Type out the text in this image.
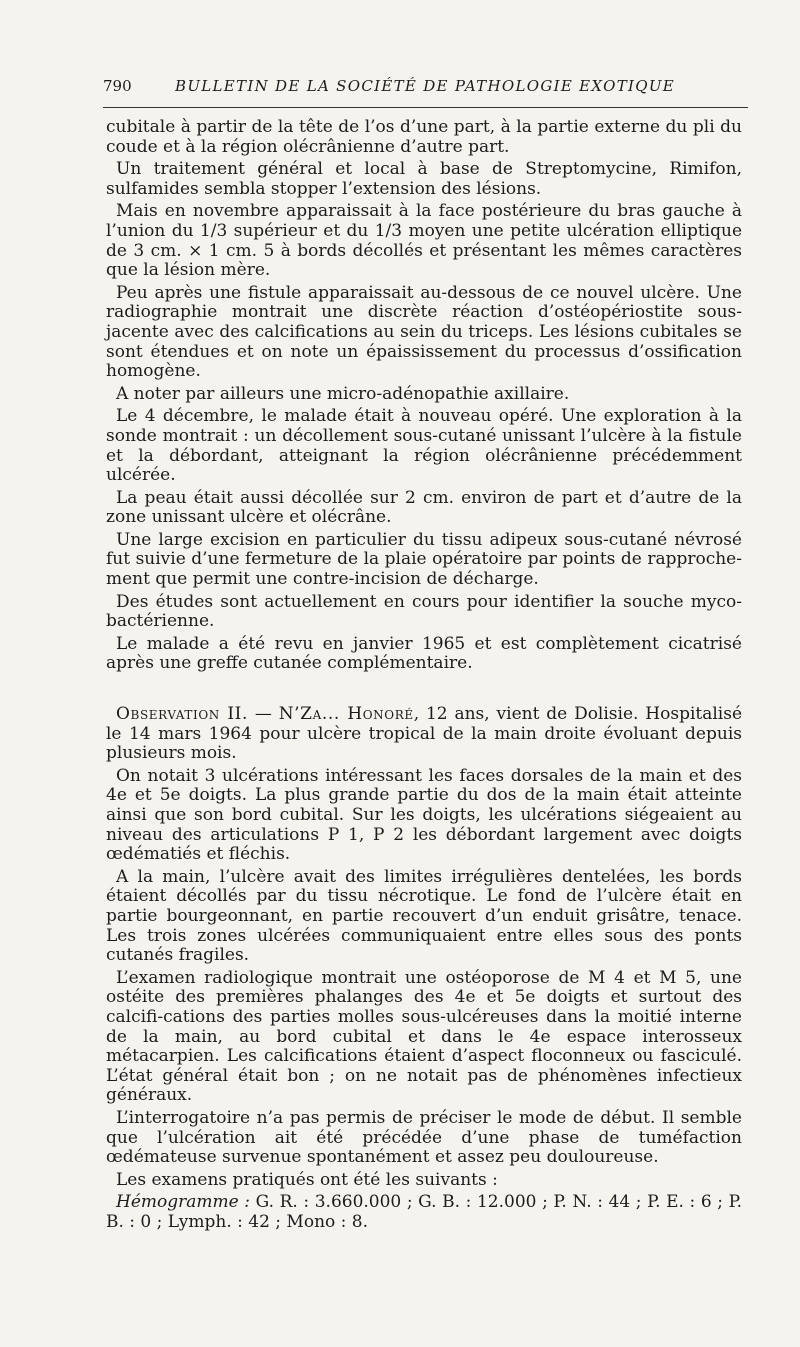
790	BULLETIN DE LA SOCIÉTÉ DE PATHOLOGIE EXOTIQUE

cubitale à partir de la tête de l’os d’une part, à la partie externe du pli du coude et à la région olécrânienne d’autre part.

Un traitement général et local à base de Streptomycine, Rimifon, sulfamides sembla stopper l’extension des lésions.

Mais en novembre apparaissait à la face postérieure du bras gauche à l’union du 1/3 supérieur et du 1/3 moyen une petite ulcération elliptique de 3 cm. × 1 cm. 5 à bords décollés et présentant les mêmes caractères que la lésion mère.

Peu après une fistule apparaissait au-dessous de ce nouvel ulcère. Une radiographie montrait une discrète réaction d’ostéopériostite sous-jacente avec des calcifications au sein du triceps. Les lésions cubitales se sont étendues et on note un épaississement du processus d’ossification homogène.

A noter par ailleurs une micro-adénopathie axillaire.

Le 4 décembre, le malade était à nouveau opéré. Une exploration à la sonde montrait : un décollement sous-cutané unissant l’ulcère à la fistule et la débordant, atteignant la région olécrânienne précédemment ulcérée.

La peau était aussi décollée sur 2 cm. environ de part et d’autre de la zone unissant ulcère et olécrâne.

Une large excision en particulier du tissu adipeux sous-cutané névrosé fut suivie d’une fermeture de la plaie opératoire par points de rapproche-ment que permit une contre-incision de décharge.

Des études sont actuellement en cours pour identifier la souche myco-bactérienne.

Le malade a été revu en janvier 1965 et est complètement cicatrisé après une greffe cutanée complémentaire.

Observation II. — N’Za... Honoré, 12 ans, vient de Dolisie. Hospitalisé le 14 mars 1964 pour ulcère tropical de la main droite évoluant depuis plusieurs mois.

On notait 3 ulcérations intéressant les faces dorsales de la main et des 4e et 5e doigts. La plus grande partie du dos de la main était atteinte ainsi que son bord cubital. Sur les doigts, les ulcérations siégeaient au niveau des articulations P 1, P 2 les débordant largement avec doigts œdématiés et fléchis.

A la main, l’ulcère avait des limites irrégulières dentelées, les bords étaient décollés par du tissu nécrotique. Le fond de l’ulcère était en partie bourgeonnant, en partie recouvert d’un enduit grisâtre, tenace. Les trois zones ulcérées communiquaient entre elles sous des ponts cutanés fragiles.

L’examen radiologique montrait une ostéoporose de M 4 et M 5, une ostéite des premières phalanges des 4e et 5e doigts et surtout des calcifi-cations des parties molles sous-ulcéreuses dans la moitié interne de la main, au bord cubital et dans le 4e espace interosseux métacarpien. Les calcifications étaient d’aspect floconneux ou fasciculé. L’état général était bon ; on ne notait pas de phénomènes infectieux généraux.

L’interrogatoire n’a pas permis de préciser le mode de début. Il semble que l’ulcération ait été précédée d’une phase de tuméfaction œdémateuse survenue spontanément et assez peu douloureuse.

Les examens pratiqués ont été les suivants :

Hémogramme : G. R. : 3.660.000 ; G. B. : 12.000 ; P. N. : 44 ; P. E. : 6 ; P. B. : 0 ; Lymph. : 42 ; Mono : 8.
